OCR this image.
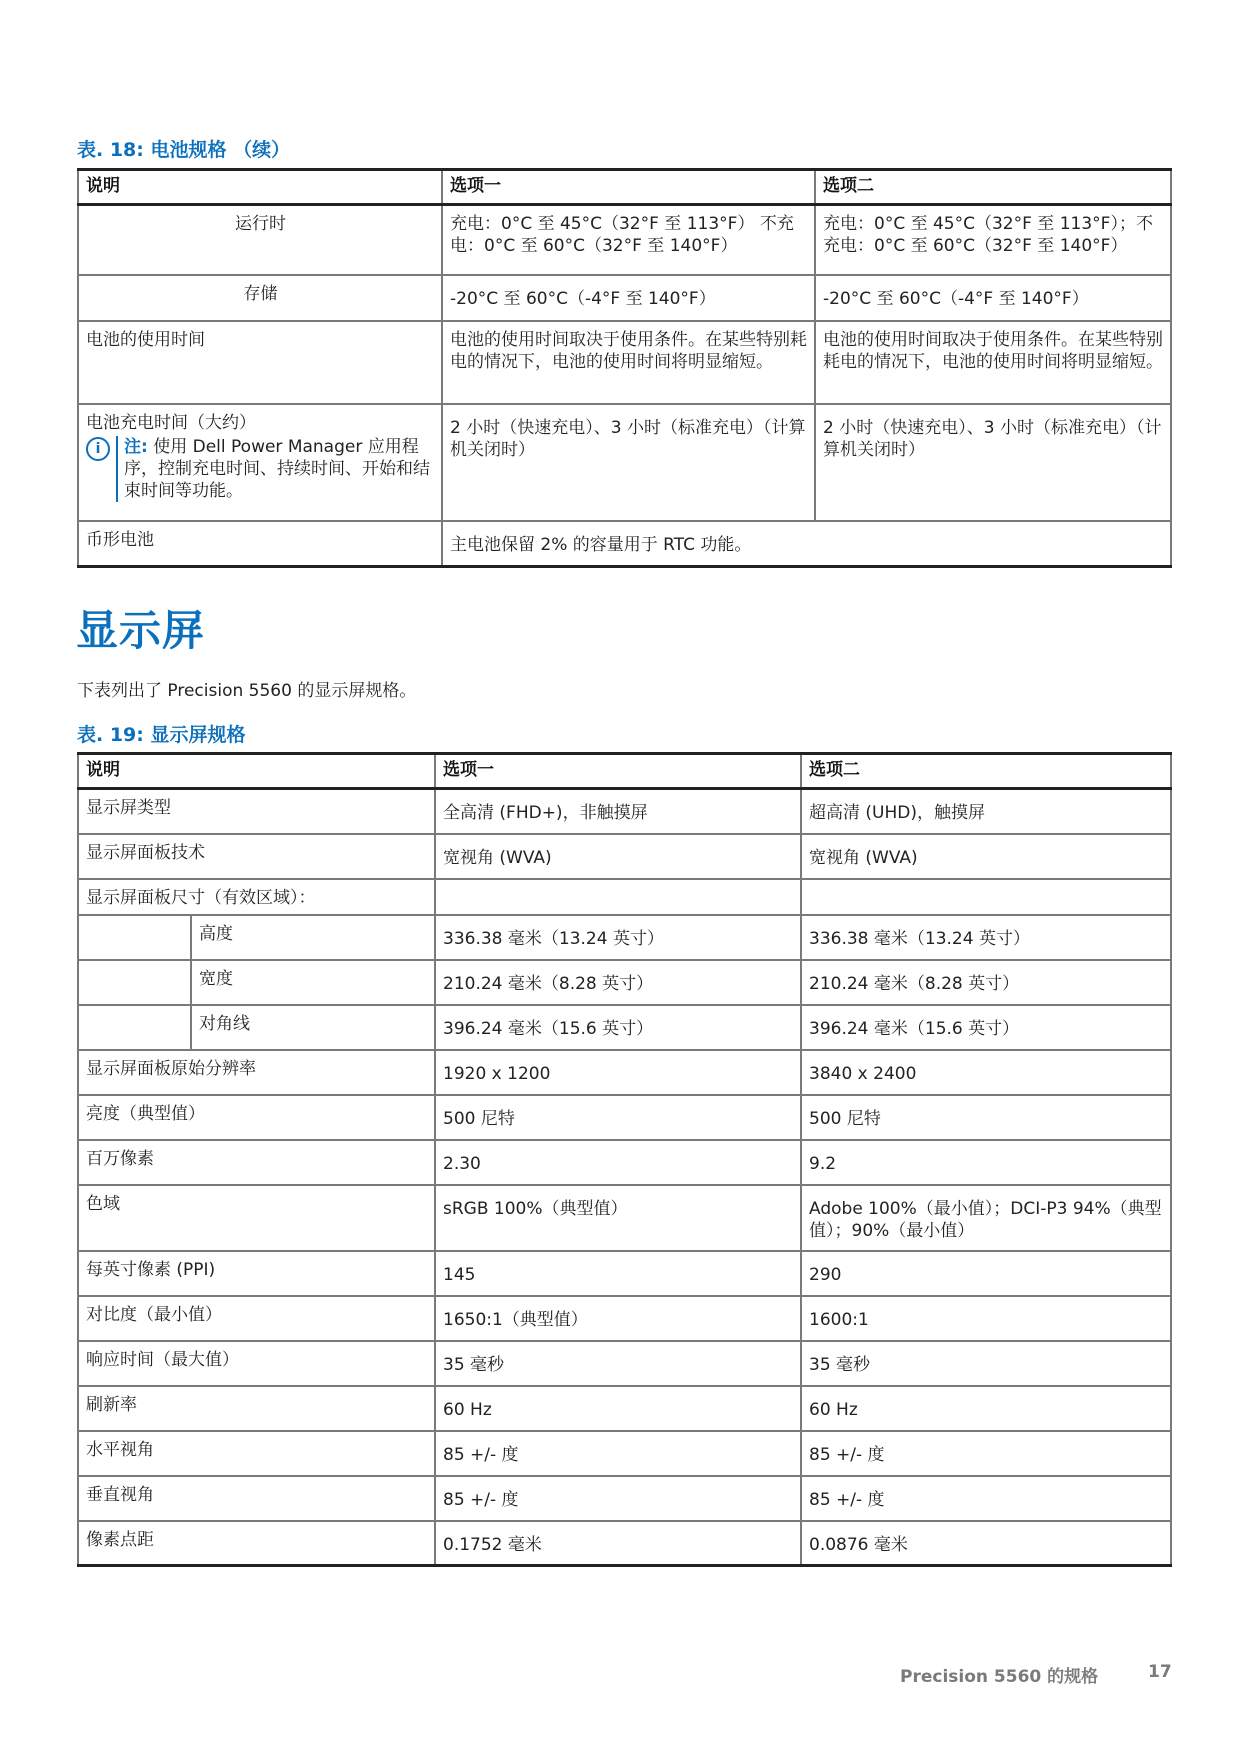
表. 18: 电池规格 （续）
说明	选项一	选项二
运行时	充电：0°C 至 45°C（32°F 至 113°F） 不充电：0°C 至 60°C（32°F 至 140°F）	充电：0°C 至 45°C（32°F 至 113°F）；不充电：0°C 至 60°C（32°F 至 140°F）
存储	-20°C 至 60°C（-4°F 至 140°F）	-20°C 至 60°C（-4°F 至 140°F）
电池的使用时间	电池的使用时间取决于使用条件。在某些特别耗电的情况下，电池的使用时间将明显缩短。	电池的使用时间取决于使用条件。在某些特别耗电的情况下，电池的使用时间将明显缩短。

电池充电时间（大约）
i 注: 使用 Dell Power Manager 应用程序，控制充电时间、持续时间、开始和结束时间等功能。	2 小时（快速充电）、3 小时（标准充电）（计算机关闭时）	2 小时（快速充电）、3 小时（标准充电）（计算机关闭时）
币形电池	主电池保留 2% 的容量用于 RTC 功能。	
显示屏
下表列出了 Precision 5560 的显示屏规格。
表. 19: 显示屏规格
说明		选项一	选项二
显示屏类型		全高清 (FHD+)，非触摸屏	超高清 (UHD)，触摸屏
显示屏面板技术		宽视角 (WVA)	宽视角 (WVA)
显示屏面板尺寸（有效区域）：			
	高度	336.38 毫米（13.24 英寸）	336.38 毫米（13.24 英寸）
	宽度	210.24 毫米（8.28 英寸）	210.24 毫米（8.28 英寸）
	对角线	396.24 毫米（15.6 英寸）	396.24 毫米（15.6 英寸）
显示屏面板原始分辨率		1920 x 1200	3840 x 2400
亮度（典型值）		500 尼特	500 尼特
百万像素		2.30	9.2
色域		sRGB 100%（典型值）	Adobe 100%（最小值）；DCI-P3 94%（典型值）；90%（最小值）
每英寸像素 (PPI)		145	290
对比度（最小值）		1650:1（典型值）	1600:1
响应时间（最大值）		35 毫秒	35 毫秒
刷新率		60 Hz	60 Hz
水平视角		85 +/- 度	85 +/- 度
垂直视角		85 +/- 度	85 +/- 度
像素点距		0.1752 毫米	0.0876 毫米
Precision 5560 的规格	17
